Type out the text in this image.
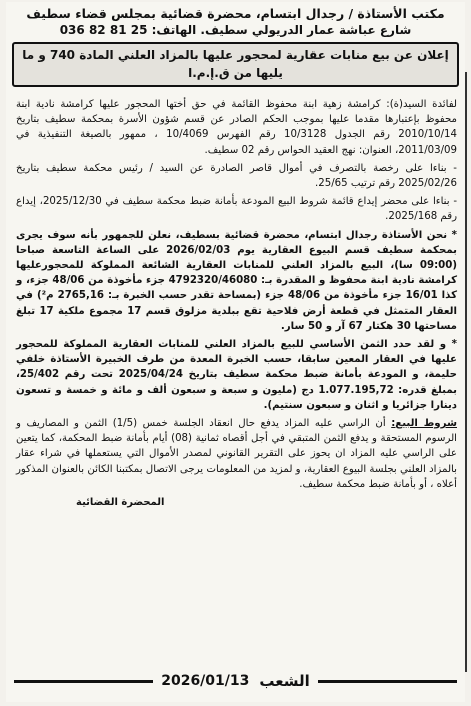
مكتب الأستاذة / رجدال ابتسام، محضرة قضائية بمجلس قضاء سطيف
شارع عباشة عمار الدريولي سطيف. الهاتف: 25 81 82 036
إعلان عن بيع منابات عقارية لمحجور عليها بالمزاد العلني المادة 740 و ما يليها من ق.إ.م.ا

لفائدة السيد(ة): كرامشة زهية ابنة محفوظ القائمة في حق أختها المحجور عليها كرامشة نادية ابنة محفوظ بإعتبارها مقدما عليها بموجب الحكم الصادر عن قسم شؤون الأسرة بمحكمة سطيف بتاريخ 2010/10/14 رقم الجدول 10/3128 رقم الفهرس 10/4069 ، ممهور بالصيغة التنفيذية في 2011/03/09، العنوان: نهج العقيد الحواس رقم 02 سطيف.

- بناءا على رخصة بالتصرف في أموال قاصر الصادرة عن السيد / رئيس محكمة سطيف بتاريخ 2025/02/26 رقم ترتيب 25/65.

- بناءا على محضر إيداع قائمة شروط البيع المودعة بأمانة ضبط محكمة سطيف في 2025/12/30، إيداع رقم 2025/168.

* نحن الأستاذة رجدال ابتسام، محضرة قضائية بسطيف، نعلن للجمهور بأنه سوف يجرى بمحكمة سطيف قسم البيوع العقارية يوم 2026/02/03 على الساعة التاسعة صباحا (09:00 سا)، البيع بالمزاد العلني للمنابات العقارية الشائعة المملوكة للمحجورعليها كرامشة نادية ابنة محفوظ و المقدرة بـ: 4792320/46080 جزء مأخوذة من 48/06 جزء، و كذا 16/01 جزء مأخوذة من 48/06 جزء (بمساحة تقدر حسب الخبرة بـ: 2765,16 م²) في العقار المتمثل في قطعة أرض فلاحية تقع ببلدية مزلوق قسم 17 مجموع ملكية 17 تبلغ مساحتها 30 هكتار 67 آر و 50 سار.

* و لقد حدد الثمن الأساسي للبيع بالمزاد العلني للمنابات العقارية المملوكة للمحجور عليها في العقار المعين سابقا، حسب الخبرة المعدة من طرف الخبيرة الأستاذة خلفي حليمة، و المودعة بأمانة ضبط محكمة سطيف بتاريخ 2025/04/24 تحت رقم 25/402، بمبلغ قدره: 1.077.195,72 دج (مليون و سبعة و سبعون ألف و مائة و خمسة و تسعون دينارا جزائريا و اثنان و سبعون سنتيم).

شروط البيع: أن الراسي عليه المزاد يدفع حال انعقاد الجلسة خمس (1/5) الثمن و المصاريف و الرسوم المستحقة و يدفع الثمن المتبقي في أجل أقصاه ثمانية (08) أيام بأمانة ضبط المحكمة، كما يتعين على الراسي عليه المزاد ان يحوز على التقرير القانوني لمصدر الأموال التي يستعملها في شراء عقار بالمزاد العلني بجلسة البيوع العقارية، و لمزيد من المعلومات يرجى الاتصال بمكتبنا الكائن بالعنوان المذكور أعلاه ، أو بأمانة ضبط محكمة سطيف.

المحضرة القضائية
الشعب
2026/01/13
